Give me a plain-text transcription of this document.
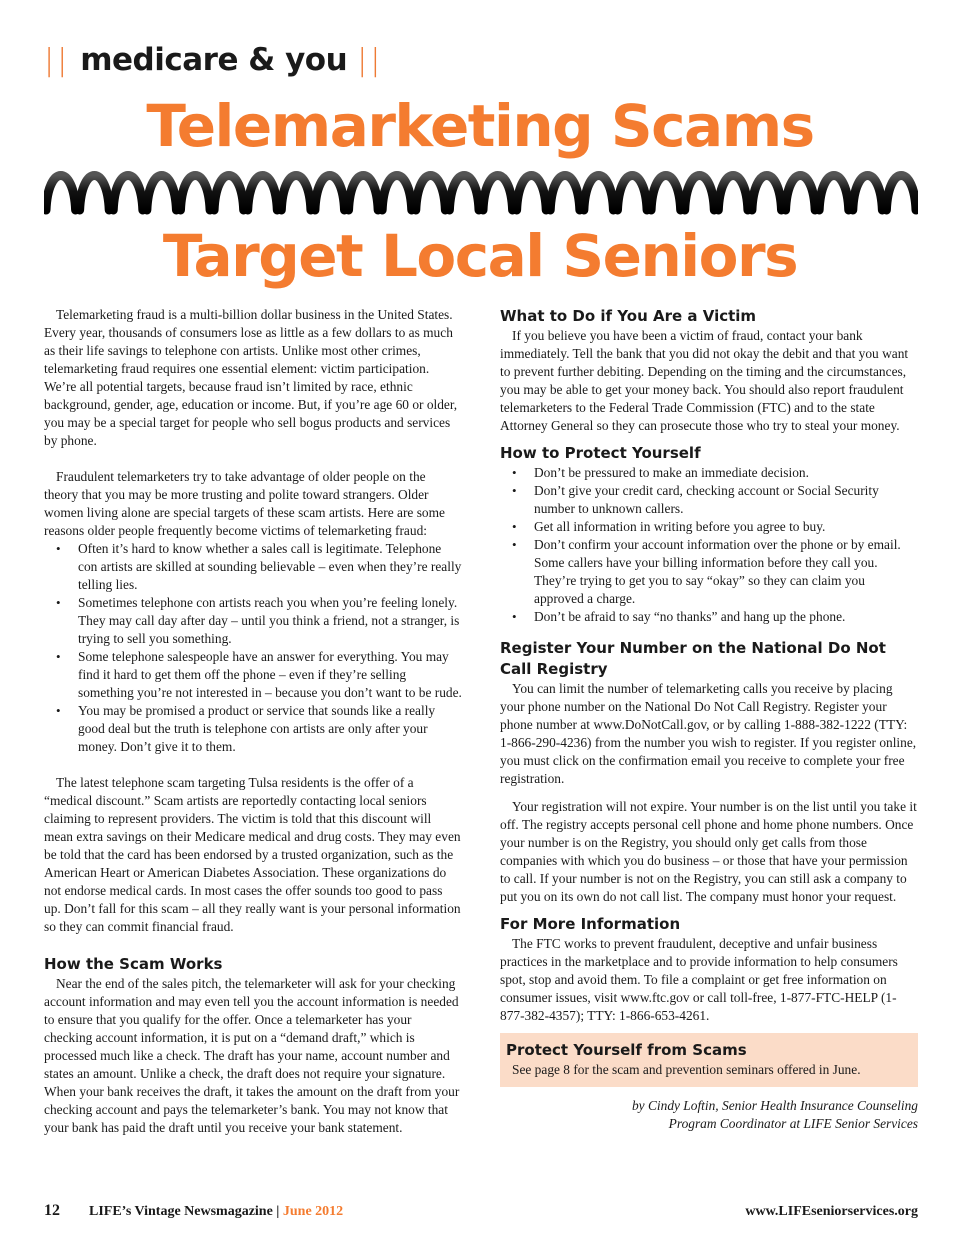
|| medicare & you ||
Telemarketing Scams
Target Local Seniors

Telemarketing fraud is a multi-billion dollar business in the United States. Every year, thousands of consumers lose as little as a few dollars to as much as their life savings to telephone con artists. Unlike most other crimes, telemarketing fraud requires one essential element: victim participation. We’re all potential targets, because fraud isn’t limited by race, ethnic background, gender, age, education or income. But, if you’re age 60 or older, you may be a special target for people who sell bogus products and services by phone.

Fraudulent telemarketers try to take advantage of older people on the theory that you may be more trusting and polite toward strangers. Older women living alone are special targets of these scam artists. Here are some reasons older people frequently become victims of telemarketing fraud:

• Often it’s hard to know whether a sales call is legitimate. Telephone con artists are skilled at sounding believable – even when they’re really telling lies.
• Sometimes telephone con artists reach you when you’re feeling lonely. They may call day after day – until you think a friend, not a stranger, is trying to sell you something.
• Some telephone salespeople have an answer for everything. You may find it hard to get them off the phone – even if they’re selling something you’re not interested in – because you don’t want to be rude.
• You may be promised a product or service that sounds like a really good deal but the truth is telephone con artists are only after your money. Don’t give it to them.

The latest telephone scam targeting Tulsa residents is the offer of a “medical discount.” Scam artists are reportedly contacting local seniors claiming to represent providers. The victim is told that this discount will mean extra savings on their Medicare medical and drug costs. They may even be told that the card has been endorsed by a trusted organization, such as the American Heart or American Diabetes Association. These organizations do not endorse medical cards. In most cases the offer sounds too good to pass up. Don’t fall for this scam – all they really want is your personal information so they can commit financial fraud.

How the Scam Works

Near the end of the sales pitch, the telemarketer will ask for your checking account information and may even tell you the account information is needed to ensure that you qualify for the offer. Once a telemarketer has your checking account information, it is put on a “demand draft,” which is processed much like a check. The draft has your name, account number and states an amount. Unlike a check, the draft does not require your signature. When your bank receives the draft, it takes the amount on the draft from your checking account and pays the telemarketer’s bank. You may not know that your bank has paid the draft until you receive your bank statement.

What to Do if You Are a Victim

If you believe you have been a victim of fraud, contact your bank immediately. Tell the bank that you did not okay the debit and that you want to prevent further debiting. Depending on the timing and the circumstances, you may be able to get your money back. You should also report fraudulent telemarketers to the Federal Trade Commission (FTC) and to the state Attorney General so they can prosecute those who try to steal your money.

How to Protect Yourself
• Don’t be pressured to make an immediate decision.
• Don’t give your credit card, checking account or Social Security number to unknown callers.
• Get all information in writing before you agree to buy.
• Don’t confirm your account information over the phone or by email. Some callers have your billing information before they call you. They’re trying to get you to say “okay” so they can claim you approved a charge.
• Don’t be afraid to say “no thanks” and hang up the phone.
Register Your Number on the National Do Not Call Registry

You can limit the number of telemarketing calls you receive by placing your phone number on the National Do Not Call Registry. Register your phone number at www.DoNotCall.gov, or by calling 1-888-382-1222 (TTY: 1-866-290-4236) from the number you wish to register. If you register online, you must click on the confirmation email you receive to complete your free registration.

Your registration will not expire. Your number is on the list until you take it off. The registry accepts personal cell phone and home phone numbers. Once your number is on the Registry, you should only get calls from those companies with which you do business – or those that have your permission to call. If your number is not on the Registry, you can still ask a company to put you on its own do not call list. The company must honor your request.

For More Information

The FTC works to prevent fraudulent, deceptive and unfair business practices in the marketplace and to provide information to help consumers spot, stop and avoid them. To file a complaint or get free information on consumer issues, visit www.ftc.gov or call toll-free, 1-877-FTC-HELP (1-877-382-4357); TTY: 1-866-653-4261.

Protect Yourself from Scams

See page 8 for the scam and prevention seminars offered in June.

by Cindy Loftin, Senior Health Insurance Counseling
Program Coordinator at LIFE Senior Services
12 LIFE’s Vintage Newsmagazine | June 2012	www.LIFEseniorservices.org
